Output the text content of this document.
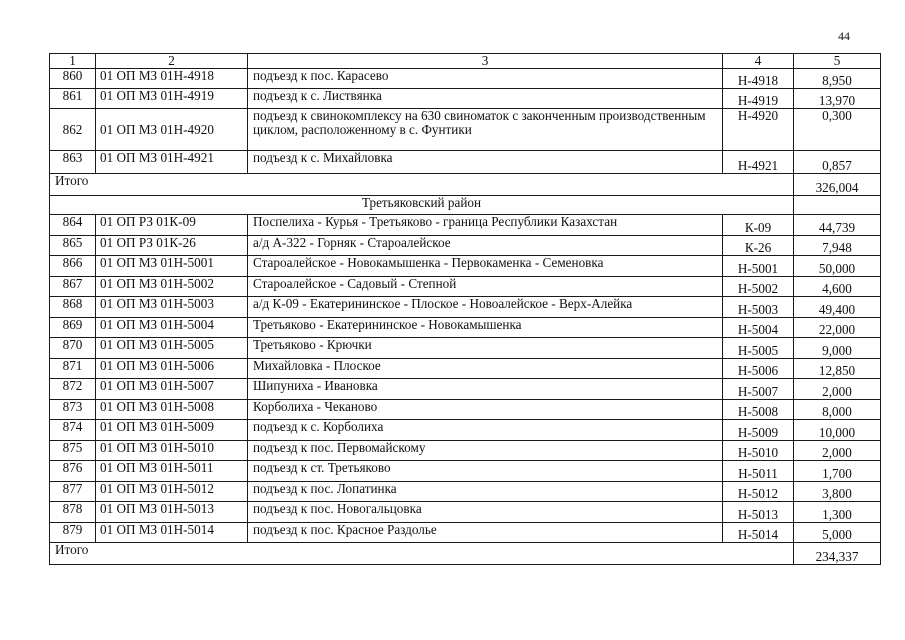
44
1	2	3	4	5
860	01 ОП МЗ 01Н-4918	подъезд к пос. Карасево	Н-4918	8,950
861	01 ОП МЗ 01Н-4919	подъезд к с. Листвянка	Н-4919	13,970
862	01 ОП МЗ 01Н-4920	подъезд к свинокомплексу на 630 свиноматок с законченным производственным циклом, расположенному в с. Фунтики	Н-4920	0,300
863	01 ОП МЗ 01Н-4921	подъезд к с. Михайловка	Н-4921	0,857
Итого				326,004
Третьяковский район				
864	01 ОП РЗ 01К-09	Поспелиха - Курья - Третьяково - граница Республики Казахстан	К-09	44,739
865	01 ОП РЗ 01К-26	а/д А-322 - Горняк - Староалейское	К-26	7,948
866	01 ОП МЗ 01Н-5001	Староалейское - Новокамышенка - Первокаменка - Семеновка	Н-5001	50,000
867	01 ОП МЗ 01Н-5002	Староалейское - Садовый - Степной	Н-5002	4,600
868	01 ОП МЗ 01Н-5003	а/д К-09 - Екатерининское - Плоское - Новоалейское - Верх-Алейка	Н-5003	49,400
869	01 ОП МЗ 01Н-5004	Третьяково - Екатерининское - Новокамышенка	Н-5004	22,000
870	01 ОП МЗ 01Н-5005	Третьяково - Крючки	Н-5005	9,000
871	01 ОП МЗ 01Н-5006	Михайловка - Плоское	Н-5006	12,850
872	01 ОП МЗ 01Н-5007	Шипуниха - Ивановка	Н-5007	2,000
873	01 ОП МЗ 01Н-5008	Корболиха - Чеканово	Н-5008	8,000
874	01 ОП МЗ 01Н-5009	подъезд к с. Корболиха	Н-5009	10,000
875	01 ОП МЗ 01Н-5010	подъезд к пос. Первомайскому	Н-5010	2,000
876	01 ОП МЗ 01Н-5011	подъезд к ст. Третьяково	Н-5011	1,700
877	01 ОП МЗ 01Н-5012	подъезд к пос. Лопатинка	Н-5012	3,800
878	01 ОП МЗ 01Н-5013	подъезд к пос. Новогальцовка	Н-5013	1,300
879	01 ОП МЗ 01Н-5014	подъезд к пос. Красное Раздолье	Н-5014	5,000
Итого				234,337
